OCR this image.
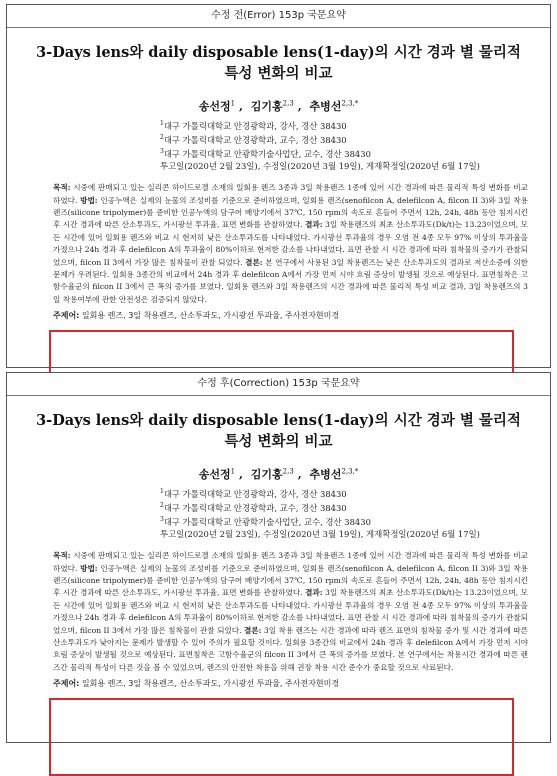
수정 전(Error) 153p 국문요약
3-Days lens와 daily disposable lens(1-day)의 시간 경과 별 물리적 특성 변화의 비교
송선정$^1$ , 김기홍$^{2,3}$ , 추병선$^{2,3,*}$
$^1$대구 가톨릭대학교 안경광학과, 강사, 경산 38430
$^2$대구 가톨릭대학교 안경광학과, 교수, 경산 38430
$^3$대구 가톨릭대학교 안광학기술사업단, 교수, 경산 38430
투고일(2020년 2월 23일), 수정일(2020년 3월 19일), 게재확정일(2020년 6월 17일)
목적: 시중에 판매되고 있는 실리콘 하이드로겔 소재의 일회용 렌즈 3종과 3일 착용렌즈 1종에 있어 시간 경과에 따른 물리적 특성 변화를 비교하였다. 방법: 인공누액은 실제의 눈물의 조성비를 기준으로 준비하였으며, 일회용 렌즈(senofilcon A, delefilcon A, filcon II 3)와 3일 착용렌즈(silicone tripolymer)를 준비한 인공누액의 담구어 배양기에서 37℃, 150 rpm의 속도로 흔들어 주면서 12h, 24h, 48h 동안 침지시킨 후 시간 경과에 따른 산소투과도, 가시광선 투과율, 표면 변화를 관찰하였다. 결과: 3일 착용렌즈의 최초 산소투과도(Dk/t)는 13.23이었으며, 모든 시간에 있어 일회용 렌즈와 비교 시 현저히 낮은 산소투과도를 나타내었다. 가시광선 투과율의 경우 오염 전 4종 모두 97% 이상의 투과율을 가졌으나 24h 경과 후 delefilcon A의 투과율이 80%이하로 현저한 감소를 나타내었다. 표면 관찰 시 시간 경과에 따라 침착물의 증가가 관찰되었으며, filcon II 3에서 가장 많은 침착물이 관찰 되었다. 결론: 본 연구에서 사용된 3일 착용렌즈는 낮은 산소투과도의 결과로 저산소증에 의한 문제가 우려된다. 일회용 3종간의 비교에서 24h 경과 후 delefilcon A에서 가장 먼저 시야 흐림 증상이 발생될 것으로 예상된다. 표면침착은 고함수율군의 filcon II 3에서 큰 폭의 증가를 보였다. 일회용 렌즈와 3일 착용렌즈의 시간 경과에 따른 물리적 특성 비교 결과, 3일 착용렌즈의 3일 착용여부에 관한 안전성은 검증되지 않았다.
주제어: 일회용 렌즈, 3일 착용렌즈, 산소투과도, 가시광선 투과율, 주사전자현미경
수정 후(Correction) 153p 국문요약
3-Days lens와 daily disposable lens(1-day)의 시간 경과 별 물리적 특성 변화의 비교
송선정$^1$ , 김기홍$^{2,3}$ , 추병선$^{2,3,*}$
$^1$대구 가톨릭대학교 안경광학과, 강사, 경산 38430
$^2$대구 가톨릭대학교 안경광학과, 교수, 경산 38430
$^3$대구 가톨릭대학교 안광학기술사업단, 교수, 경산 38430
투고일(2020년 2월 23일), 수정일(2020년 3월 19일), 게재확정일(2020년 6월 17일)
목적: 시중에 판매되고 있는 실리콘 하이드로겔 소재의 일회용 렌즈 3종과 3일 착용렌즈 1종에 있어 시간 경과에 따른 물리적 특성 변화를 비교하였다. 방법: 인공누액은 실제의 눈물의 조성비를 기준으로 준비하였으며, 일회용 렌즈(senofilcon A, delefilcon A, filcon II 3)와 3일 착용렌즈(silicone tripolymer)를 준비한 인공누액의 담구어 배양기에서 37℃, 150 rpm의 속도로 흔들어 주면서 12h, 24h, 48h 동안 침지시킨 후 시간 경과에 따른 산소투과도, 가시광선 투과율, 표면 변화를 관찰하였다. 결과: 3일 착용렌즈의 최초 산소투과도(Dk/t)는 13.23이었으며, 모든 시간에 있어 일회용 렌즈와 비교 시 현저히 낮은 산소투과도를 나타내었다. 가시광선 투과율의 경우 오염 전 4종 모두 97% 이상의 투과율을 가졌으나 24h 경과 후 delefilcon A의 투과율이 80%이하로 현저한 감소를 나타내었다. 표면 관찰 시 시간 경과에 따라 침착물의 증가가 관찰되었으며, filcon II 3에서 가장 많은 침착물이 관찰 되었다. 결론: 3일 착용 렌즈는 시간 경과에 따라 렌즈 표면의 침착물 증가 및 시간 경과에 따른 산소투과도가 낮아지는 문제가 발생할 수 있어 주의가 필요할 것이다. 일회용 3종간의 비교에서 24h 경과 후 delefilcon A에서 가장 먼저 시야 흐림 증상이 발생될 것으로 예상된다. 표면침착은 고함수율군의 filcon II 3에서 큰 폭의 증가를 보였다. 본 연구에서는 착용시간 경과에 따른 렌즈간 물리적 특성이 다른 것을 볼 수 있었으며, 렌즈의 안전한 착용을 위해 권장 착용 시간 준수가 중요할 것으로 사료된다.
주제어: 일회용 렌즈, 3일 착용렌즈, 산소투과도, 가시광선 투과율, 주사전자현미경
